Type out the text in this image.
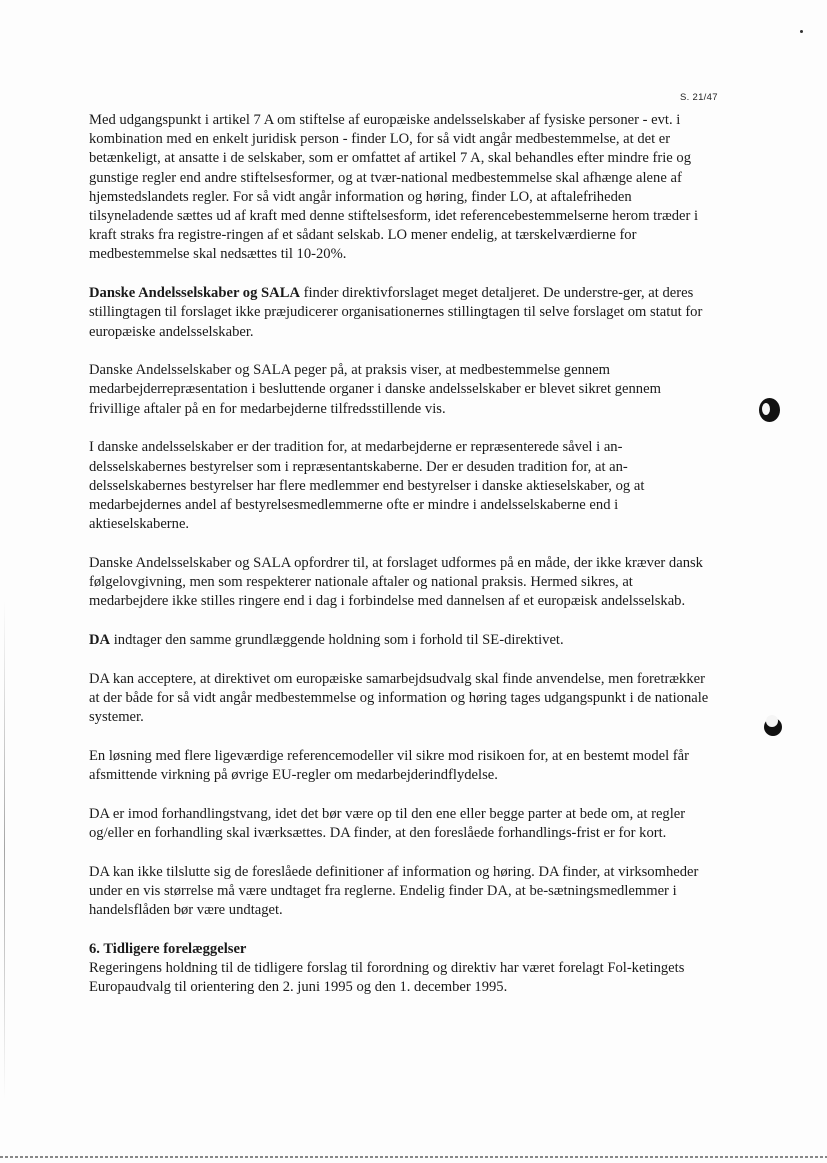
S. 21/47

Med udgangspunkt i artikel 7 A om stiftelse af europæiske andelsselskaber af fysiske personer - evt. i kombination med en enkelt juridisk person - finder LO, for så vidt angår medbestemmelse, at det er betænkeligt, at ansatte i de selskaber, som er omfattet af artikel 7 A, skal behandles efter mindre frie og gunstige regler end andre stiftelsesformer, og at tvær-national medbestemmelse skal afhænge alene af hjemstedslandets regler. For så vidt angår information og høring, finder LO, at aftalefriheden tilsyneladende sættes ud af kraft med denne stiftelsesform, idet referencebestemmelserne herom træder i kraft straks fra registre-ringen af et sådant selskab. LO mener endelig, at tærskelværdierne for medbestemmelse skal nedsættes til 10-20%.

Danske Andelsselskaber og SALA finder direktivforslaget meget detaljeret. De understre-ger, at deres stillingtagen til forslaget ikke præjudicerer organisationernes stillingtagen til selve forslaget om statut for europæiske andelsselskaber.

Danske Andelsselskaber og SALA peger på, at praksis viser, at medbestemmelse gennem medarbejderrepræsentation i besluttende organer i danske andelsselskaber er blevet sikret gennem frivillige aftaler på en for medarbejderne tilfredsstillende vis.

I danske andelsselskaber er der tradition for, at medarbejderne er repræsenterede såvel i an-delsselskabernes bestyrelser som i repræsentantskaberne. Der er desuden tradition for, at an-delsselskabernes bestyrelser har flere medlemmer end bestyrelser i danske aktieselskaber, og at medarbejdernes andel af bestyrelsesmedlemmerne ofte er mindre i andelsselskaberne end i aktieselskaberne.

Danske Andelsselskaber og SALA opfordrer til, at forslaget udformes på en måde, der ikke kræver dansk følgelovgivning, men som respekterer nationale aftaler og national praksis. Hermed sikres, at medarbejdere ikke stilles ringere end i dag i forbindelse med dannelsen af et europæisk andelsselskab.

DA indtager den samme grundlæggende holdning som i forhold til SE-direktivet.

DA kan acceptere, at direktivet om europæiske samarbejdsudvalg skal finde anvendelse, men foretrækker at der både for så vidt angår medbestemmelse og information og høring tages udgangspunkt i de nationale systemer.

En løsning med flere ligeværdige referencemodeller vil sikre mod risikoen for, at en bestemt model får afsmittende virkning på øvrige EU-regler om medarbejderindflydelse.

DA er imod forhandlingstvang, idet det bør være op til den ene eller begge parter at bede om, at regler og/eller en forhandling skal iværksættes. DA finder, at den foreslåede forhandlings-frist er for kort.

DA kan ikke tilslutte sig de foreslåede definitioner af information og høring. DA finder, at virksomheder under en vis størrelse må være undtaget fra reglerne. Endelig finder DA, at be-sætningsmedlemmer i handelsflåden bør være undtaget.

6. Tidligere forelæggelser

Regeringens holdning til de tidligere forslag til forordning og direktiv har været forelagt Fol-ketingets Europaudvalg til orientering den 2. juni 1995 og den 1. december 1995.
